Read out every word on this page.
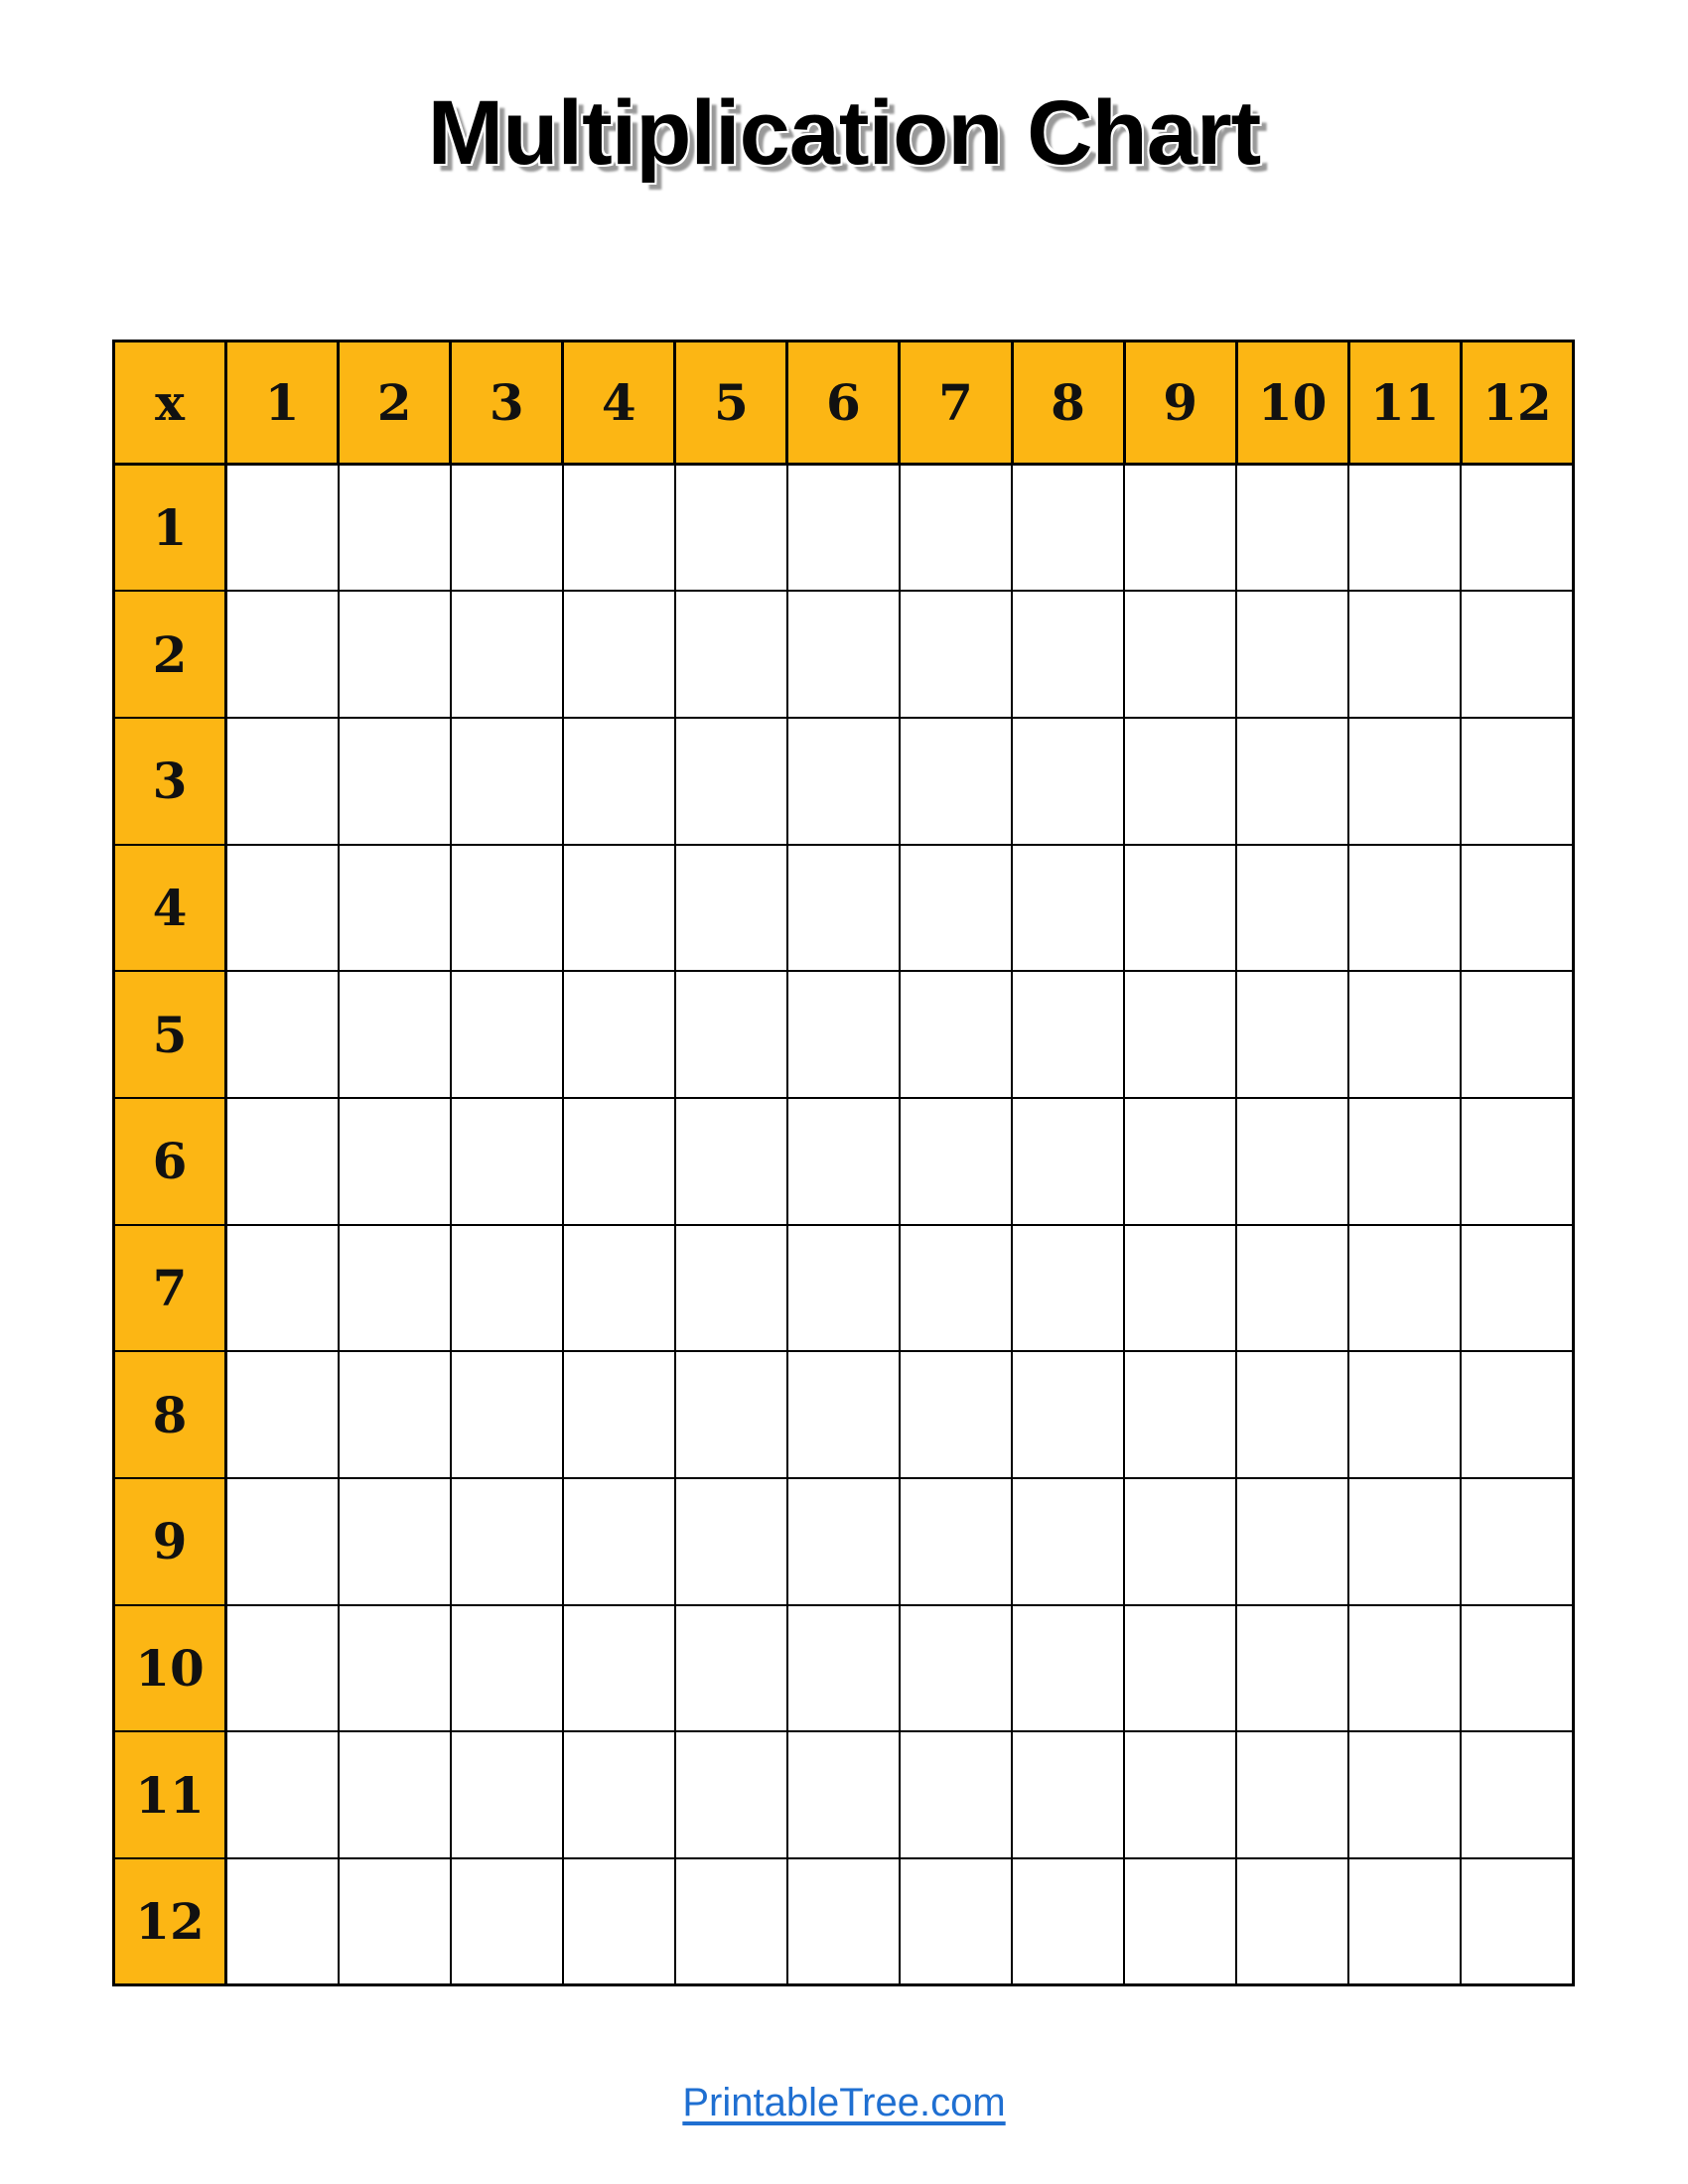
Multiplication Chart
x	1	2	3	4	5	6	7	8	9	10	11	12
1												
2												
3												
4												
5												
6												
7												
8												
9												
10												
11												
12												
PrintableTree.com
